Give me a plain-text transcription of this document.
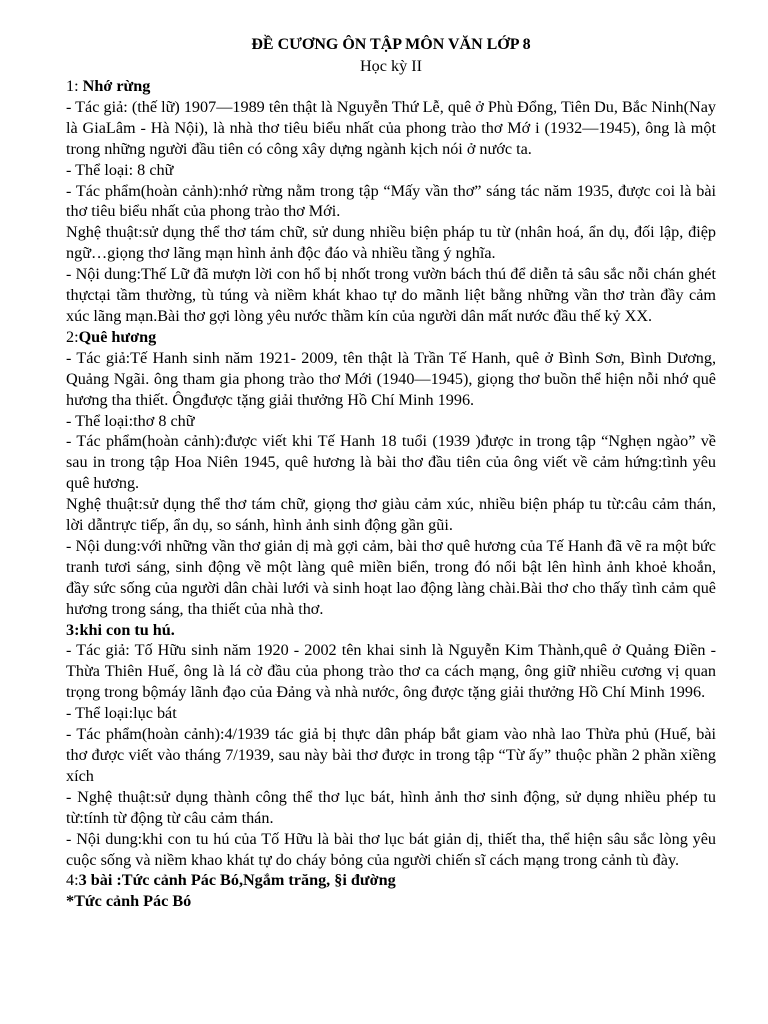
ĐỀ CƯƠNG ÔN TẬP MÔN VĂN LỚP 8

Học kỳ II

1: Nhớ rừng

- Tác giả: (thế lữ) 1907—1989 tên thật là Nguyễn Thứ Lễ, quê ở Phù Đổng, Tiên Du, Bắc Ninh(Nay là GiaLâm - Hà Nội), là nhà thơ tiêu biểu nhất của phong trào thơ Mớ i (1932—1945), ông là một trong những người đầu tiên có công xây dựng ngành kịch nói ở nước ta.

- Thể loại: 8 chữ

- Tác phẩm(hoàn cảnh):nhớ rừng nằm trong tập “Mấy vần thơ” sáng tác năm 1935, được coi là bài thơ tiêu biểu nhất của phong trào thơ Mới.

Nghệ thuật:sử dụng thể thơ tám chữ, sử dung nhiều biện pháp tu từ (nhân hoá, ẩn dụ, đối lập, điệp ngữ…giọng thơ lãng mạn hình ảnh độc đáo và nhiều tầng ý nghĩa.

- Nội dung:Thế Lữ đã mượn lời con hổ bị nhốt trong vườn bách thú để diễn tả sâu sắc nỗi chán ghét thựctại tầm thường, tù túng và niềm khát khao tự do mãnh liệt bằng những vần thơ tràn đầy cảm xúc lãng mạn.Bài thơ gợi lòng yêu nước thầm kín của người dân mất nước đầu thế kỷ XX.

2:Quê hương

- Tác giả:Tế Hanh sinh năm 1921- 2009, tên thật là Trần Tế Hanh, quê ở Bình Sơn, Bình Dương, Quảng Ngãi. ông tham gia phong trào thơ Mới (1940—1945), giọng thơ buồn thể hiện nỗi nhớ quê hương tha thiết. Ôngđược tặng giải thưởng Hồ Chí Minh 1996.

- Thể loại:thơ 8 chữ

- Tác phẩm(hoàn cảnh):được viết khi Tế Hanh 18 tuổi (1939 )được in trong tập “Nghẹn ngào” về sau in trong tập Hoa Niên 1945, quê hương là bài thơ đầu tiên của ông viết về cảm hứng:tình yêu quê hương.

Nghệ thuật:sử dụng thể thơ tám chữ, giọng thơ giàu cảm xúc, nhiều biện pháp tu từ:câu cảm thán, lời dẫntrực tiếp, ẩn dụ, so sánh, hình ảnh sinh động gần gũi.

- Nội dung:với những vần thơ giản dị mà gợi cảm, bài thơ quê hương của Tế Hanh đã vẽ ra một bức tranh tươi sáng, sinh động về một làng quê miền biển, trong đó nổi bật lên hình ảnh khoẻ khoắn, đầy sức sống của người dân chài lưới và sinh hoạt lao động làng chài.Bài thơ cho thấy tình cảm quê hương trong sáng, tha thiết của nhà thơ.

3:khi con tu hú.

- Tác giả: Tố Hữu sinh năm 1920 - 2002 tên khai sinh là Nguyễn Kim Thành,quê ở Quảng Điền - Thừa Thiên Huế, ông là lá cờ đầu của phong trào thơ ca cách mạng, ông giữ nhiều cương vị quan trọng trong bộmáy lãnh đạo của Đảng và nhà nước, ông được tặng giải thưởng Hồ Chí Minh 1996.

- Thể loại:lục bát

- Tác phẩm(hoàn cảnh):4/1939 tác giả bị thực dân pháp bắt giam vào nhà lao Thừa phủ (Huế, bài thơ được viết vào tháng 7/1939, sau này bài thơ được in trong tập “Từ ấy” thuộc phần 2 phần xiềng xích

- Nghệ thuật:sử dụng thành công thể thơ lục bát, hình ảnh thơ sinh động, sử dụng nhiều phép tu từ:tính từ động từ câu cảm thán.

- Nội dung:khi con tu hú của Tố Hữu là bài thơ lục bát giản dị, thiết tha, thể hiện sâu sắc lòng yêu cuộc sống và niềm khao khát tự do cháy bỏng của người chiến sĩ cách mạng trong cảnh tù đày.

4:3 bài :Tức cảnh Pác Bó,Ngắm trăng, §i đường

*Tức cảnh Pác Bó
